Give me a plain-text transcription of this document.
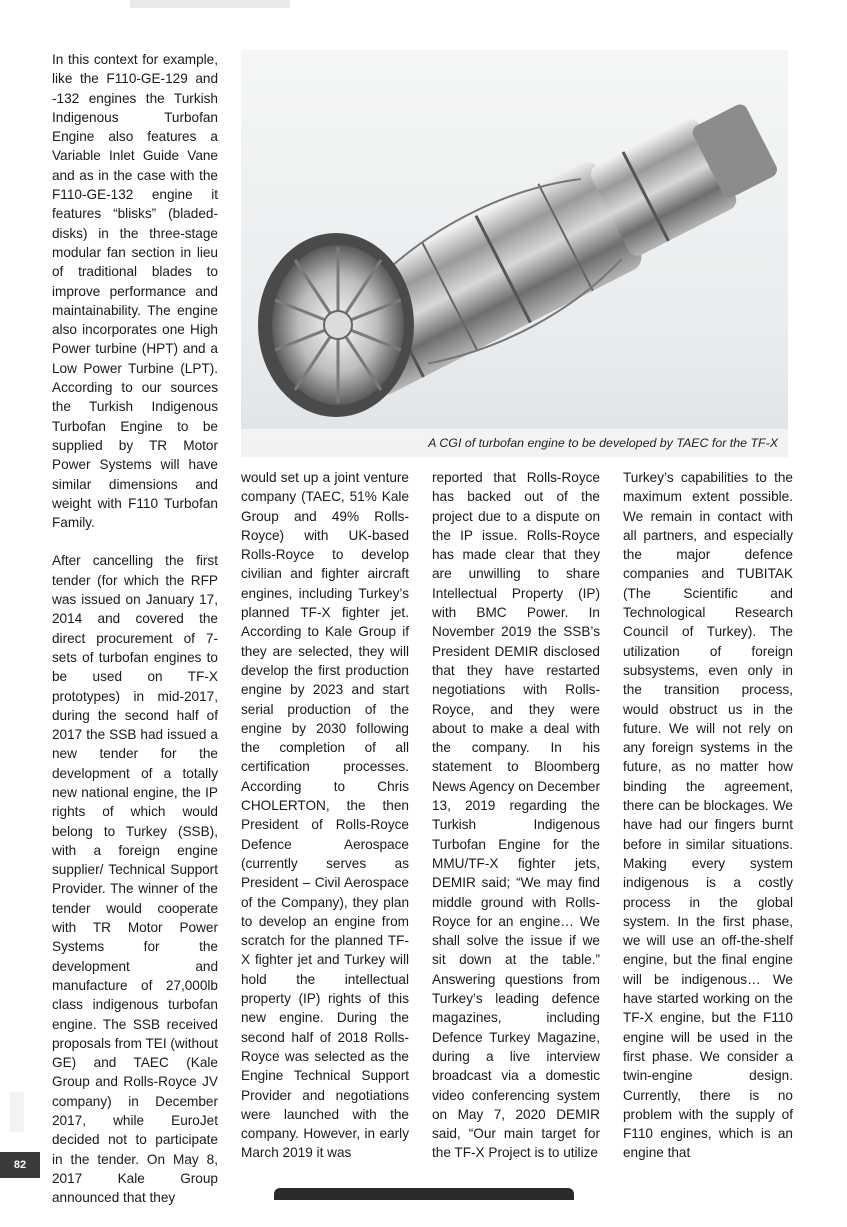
In this context for example, like the F110-GE-129 and -132 engines the Turkish Indigenous Turbofan Engine also features a Variable Inlet Guide Vane and as in the case with the F110-GE-132 engine it features “blisks” (bladed-disks) in the three-stage modular fan section in lieu of traditional blades to improve performance and maintainability. The engine also incorporates one High Power turbine (HPT) and a Low Power Turbine (LPT). According to our sources the Turkish Indigenous Turbofan Engine to be supplied by TR Motor Power Systems will have similar dimensions and weight with F110 Turbofan Family.

After cancelling the first tender (for which the RFP was issued on January 17, 2014 and covered the direct procurement of 7-sets of turbofan engines to be used on TF-X prototypes) in mid-2017, during the second half of 2017 the SSB had issued a new tender for the development of a totally new national engine, the IP rights of which would belong to Turkey (SSB), with a foreign engine supplier/ Technical Support Provider. The winner of the tender would cooperate with TR Motor Power Systems for the development and manufacture of 27,000lb class indigenous turbofan engine. The SSB received proposals from TEI (without GE) and TAEC (Kale Group and Rolls-Royce JV company) in December 2017, while EuroJet decided not to participate in the tender. On May 8, 2017 Kale Group announced that they

A CGI of turbofan engine to be developed by TAEC for the TF-X

would set up a joint venture company (TAEC, 51% Kale Group and 49% Rolls-Royce) with UK-based Rolls-Royce to develop civilian and fighter aircraft engines, including Turkey’s planned TF-X fighter jet. According to Kale Group if they are selected, they will develop the first production engine by 2023 and start serial production of the engine by 2030 following the completion of all certification processes. According to Chris CHOLERTON, the then President of Rolls-Royce Defence Aerospace (currently serves as President – Civil Aerospace of the Company), they plan to develop an engine from scratch for the planned TF-X fighter jet and Turkey will hold the intellectual property (IP) rights of this new engine. During the second half of 2018 Rolls-Royce was selected as the Engine Technical Support Provider and negotiations were launched with the company. However, in early March 2019 it was

reported that Rolls-Royce has backed out of the project due to a dispute on the IP issue. Rolls-Royce has made clear that they are unwilling to share Intellectual Property (IP) with BMC Power. In November 2019 the SSB’s President DEMIR disclosed that they have restarted negotiations with Rolls-Royce, and they were about to make a deal with the company. In his statement to Bloomberg News Agency on December 13, 2019 regarding the Turkish Indigenous Turbofan Engine for the MMU/TF-X fighter jets, DEMIR said; “We may find middle ground with Rolls-Royce for an engine… We shall solve the issue if we sit down at the table.” Answering questions from Turkey’s leading defence magazines, including Defence Turkey Magazine, during a live interview broadcast via a domestic video conferencing system on May 7, 2020 DEMIR said, “Our main target for the TF-X Project is to utilize

Turkey’s capabilities to the maximum extent possible. We remain in contact with all partners, and especially the major defence companies and TUBITAK (The Scientific and Technological Research Council of Turkey). The utilization of foreign subsystems, even only in the transition process, would obstruct us in the future. We will not rely on any foreign systems in the future, as no matter how binding the agreement, there can be blockages. We have had our fingers burnt before in similar situations. Making every system indigenous is a costly process in the global system. In the first phase, we will use an off-the-shelf engine, but the final engine will be indigenous… We have started working on the TF-X engine, but the F110 engine will be used in the first phase. We consider a twin-engine design. Currently, there is no problem with the supply of F110 engines, which is an engine that

82
